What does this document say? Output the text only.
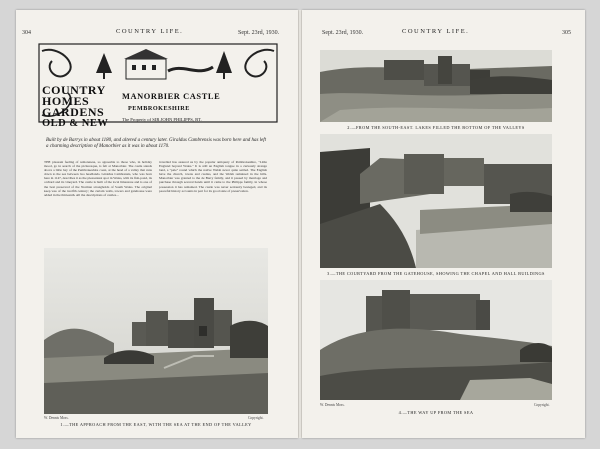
304	COUNTRY LIFE.	Sept. 23rd, 1930.
COUNTRY
HOMES
GARDENS
OLD & NEW
MANORBIER CASTLE
PEMBROKESHIRE
The Property of SIR JOHN PHILIPPS, BT.
Built by de Barrys in about 1180, and altered a century later. Giraldus Cambrensis was born here and has left a charming description of Manorbier as it was in about 1170.
THE pleasant feeling of remoteness, so agreeable to those who, in holiday mood, go in search of the picturesque, is felt at Manorbier. The castle stands above a little bay of the Pembrokeshire coast, at the head of a valley that runs down to the sea between two headlands. Giraldus Cambrensis, who was born here in 1147, describes it as the pleasantest spot in Wales, with its fish-pond, its orchard and its vineyard. The castle is built of the local limestone and is one of the best preserved of the Norman strongholds of South Wales. The original keep was of the twelfth century; the curtain walls, towers and gatehouse were added in the thirteenth. All the descriptions of castles...
travelled has assured us by the popular antiquary of Pembrokeshire, "Little England beyond Wales." It is still an English tongue in a curiously strange land, a "pale" round which the native Welsh never quite settled. The English have the church, towns and castles, and the Welsh remained in the hills. Manorbier was granted to the de Barry family, and it passed by marriage and purchase through several hands until it came to the Philipps family, in whose possession it has remained. The castle was never seriously besieged, and its peaceful history accounts in part for its good state of preservation.
W. Dennis Moss.	Copyright.
1.—THE APPROACH FROM THE EAST, WITH THE SEA AT THE END OF THE VALLEY
Sept. 23rd, 1930.	COUNTRY LIFE.	305
2.—FROM THE SOUTH-EAST. LAKES FILLED THE BOTTOM OF THE VALLEYS
3.—THE COURTYARD FROM THE GATEHOUSE, SHOWING THE CHAPEL AND HALL BUILDINGS
W. Dennis Moss.	Copyright.
4.—THE WAY UP FROM THE SEA
